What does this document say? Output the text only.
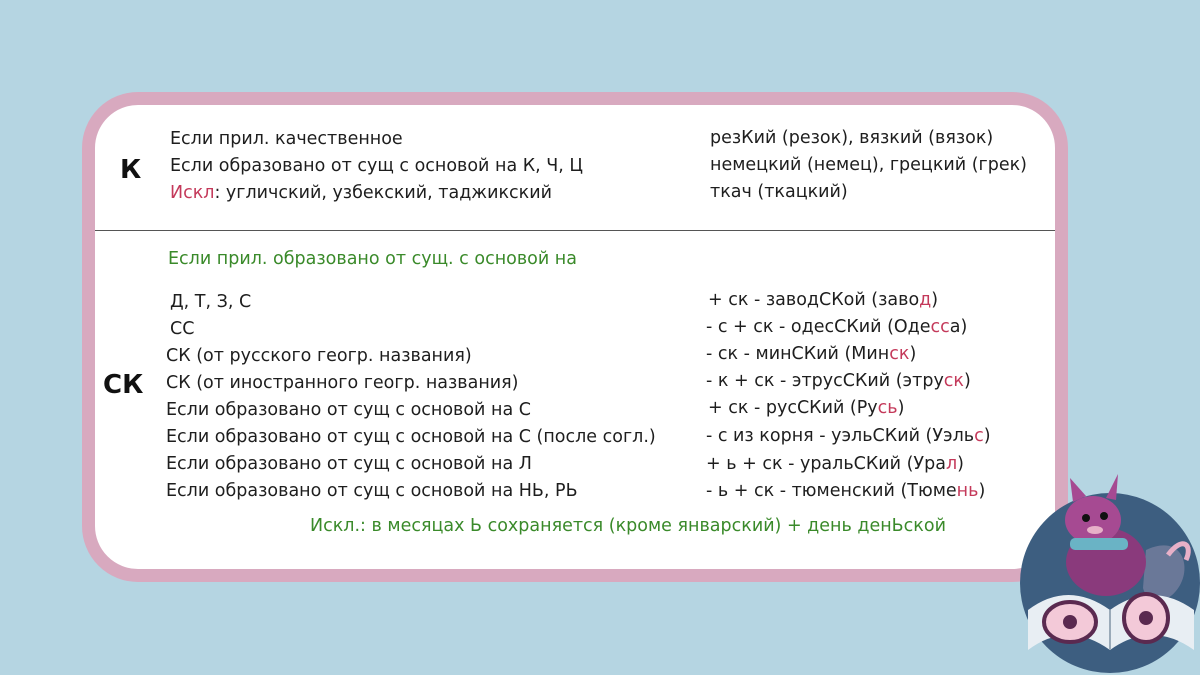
К
Если прил. качественное
Если образовано от сущ с основой на К, Ч, Ц
Искл: угличский, узбекский, таджикский
резКий (резок), вязкий (вязок)
немецкий (немец), грецкий (грек)
ткач (ткацкий)
Если прил. образовано от сущ. с основой на
СК
Д, Т, З, С
СС
СК (от русского геогр. названия)
СК (от иностранного геогр. названия)
Если образовано от сущ с основой на С
Если образовано от сущ с основой на С (после согл.)
Если образовано от сущ с основой на Л
Если образовано от сущ с основой на НЬ, РЬ
+ ск - заводСКой (завод)
- с + ск - одесСКий (Одесса)
- ск - минСКий (Минск)
- к + ск - этрусСКий (этруск)
+ ск - русСКий (Русь)
- с из корня - уэльСКий (Уэльс)
+ ь + ск - уральСКий (Урал)
- ь + ск - тюменский (Тюмень)
Искл.: в месяцах Ь сохраняется (кроме январский) + день денЬской
